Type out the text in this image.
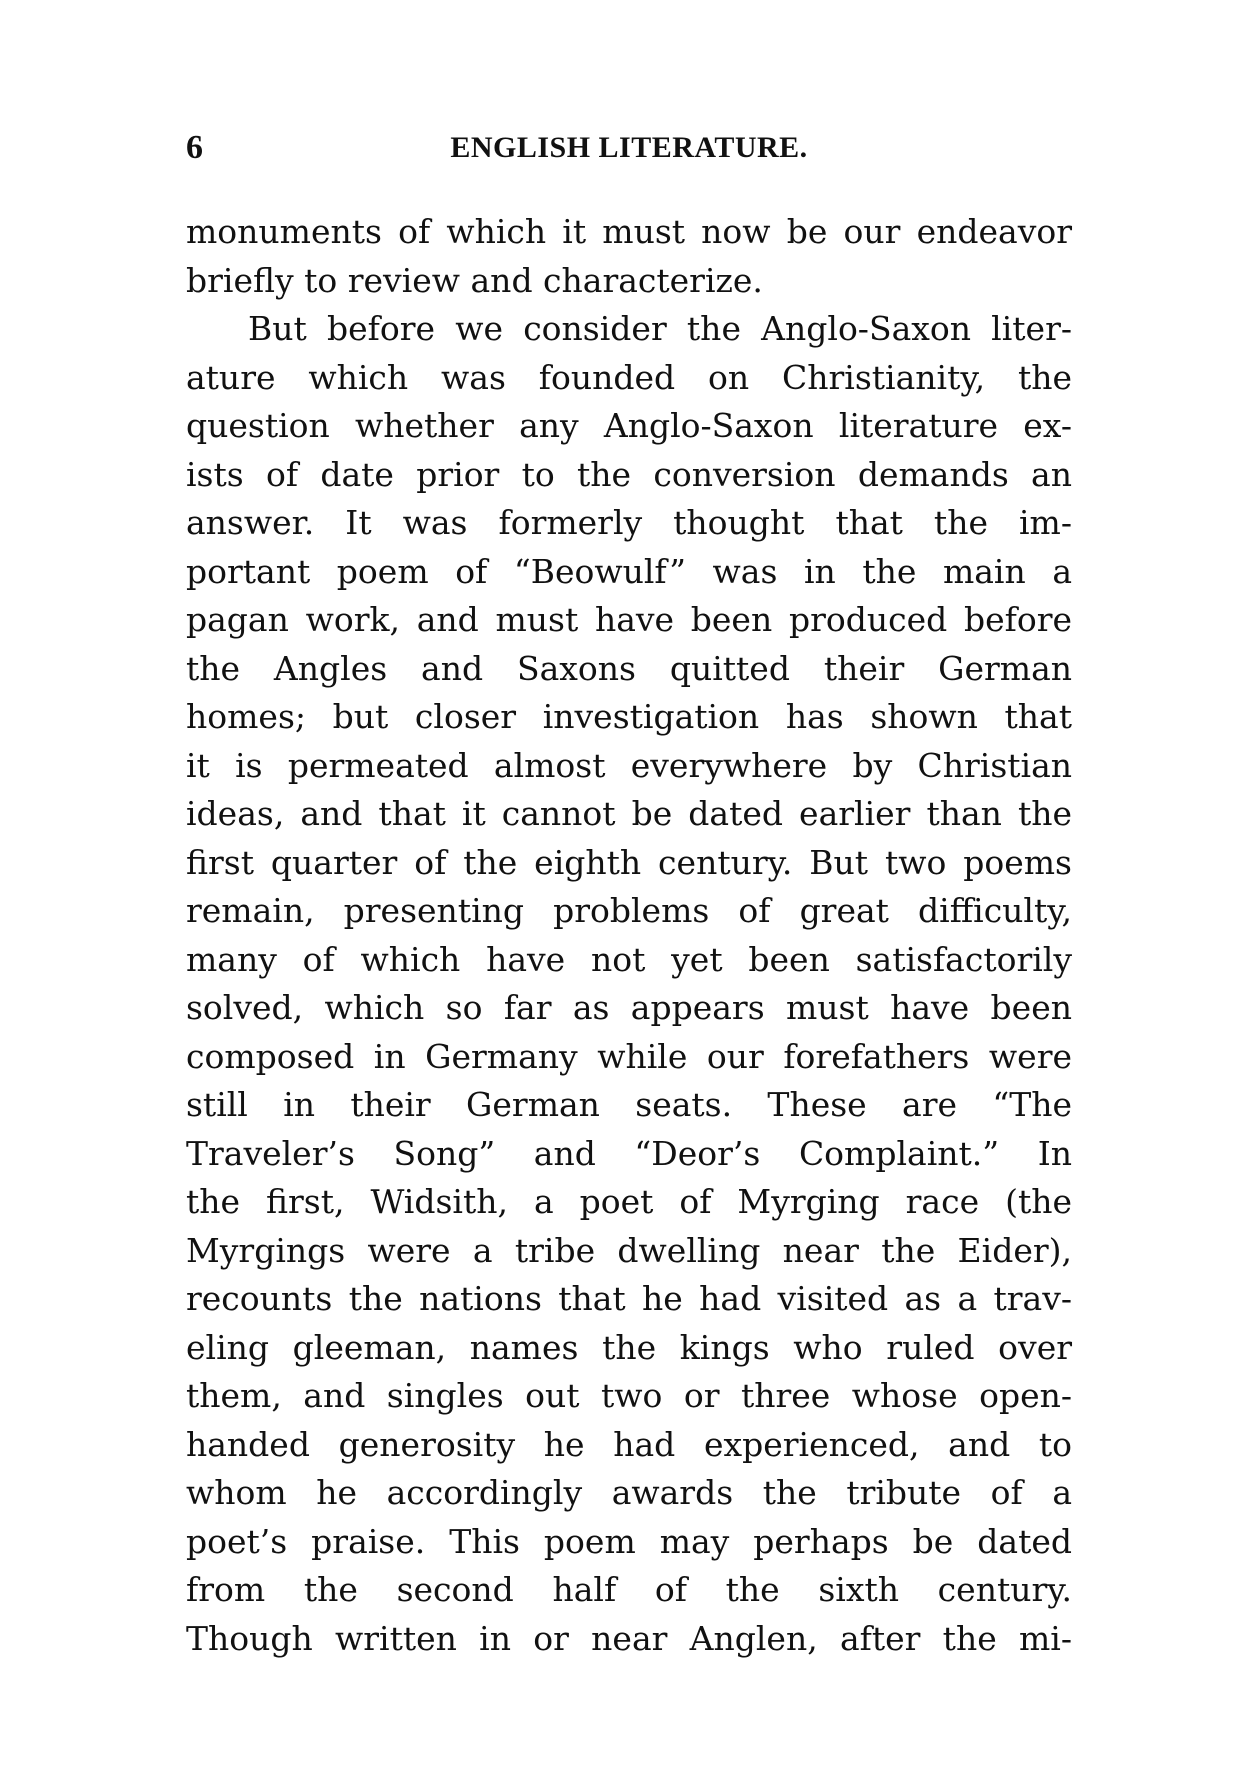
6	ENGLISH LITERATURE.
monuments of which it must now be our endeavor
briefly to review and characterize.
But before we consider the Anglo-Saxon liter-
ature which was founded on Christianity, the
question whether any Anglo-Saxon literature ex-
ists of date prior to the conversion demands an
answer. It was formerly thought that the im-
portant poem of “Beowulf” was in the main a
pagan work, and must have been produced before
the Angles and Saxons quitted their German
homes; but closer investigation has shown that
it is permeated almost everywhere by Christian
ideas, and that it cannot be dated earlier than the
first quarter of the eighth century. But two poems
remain, presenting problems of great difficulty,
many of which have not yet been satisfactorily
solved, which so far as appears must have been
composed in Germany while our forefathers were
still in their German seats. These are “The
Traveler’s Song” and “Deor’s Complaint.” In
the first, Widsith, a poet of Myrging race (the
Myrgings were a tribe dwelling near the Eider),
recounts the nations that he had visited as a trav-
eling gleeman, names the kings who ruled over
them, and singles out two or three whose open-
handed generosity he had experienced, and to
whom he accordingly awards the tribute of a
poet’s praise. This poem may perhaps be dated
from the second half of the sixth century.
Though written in or near Anglen, after the mi-
